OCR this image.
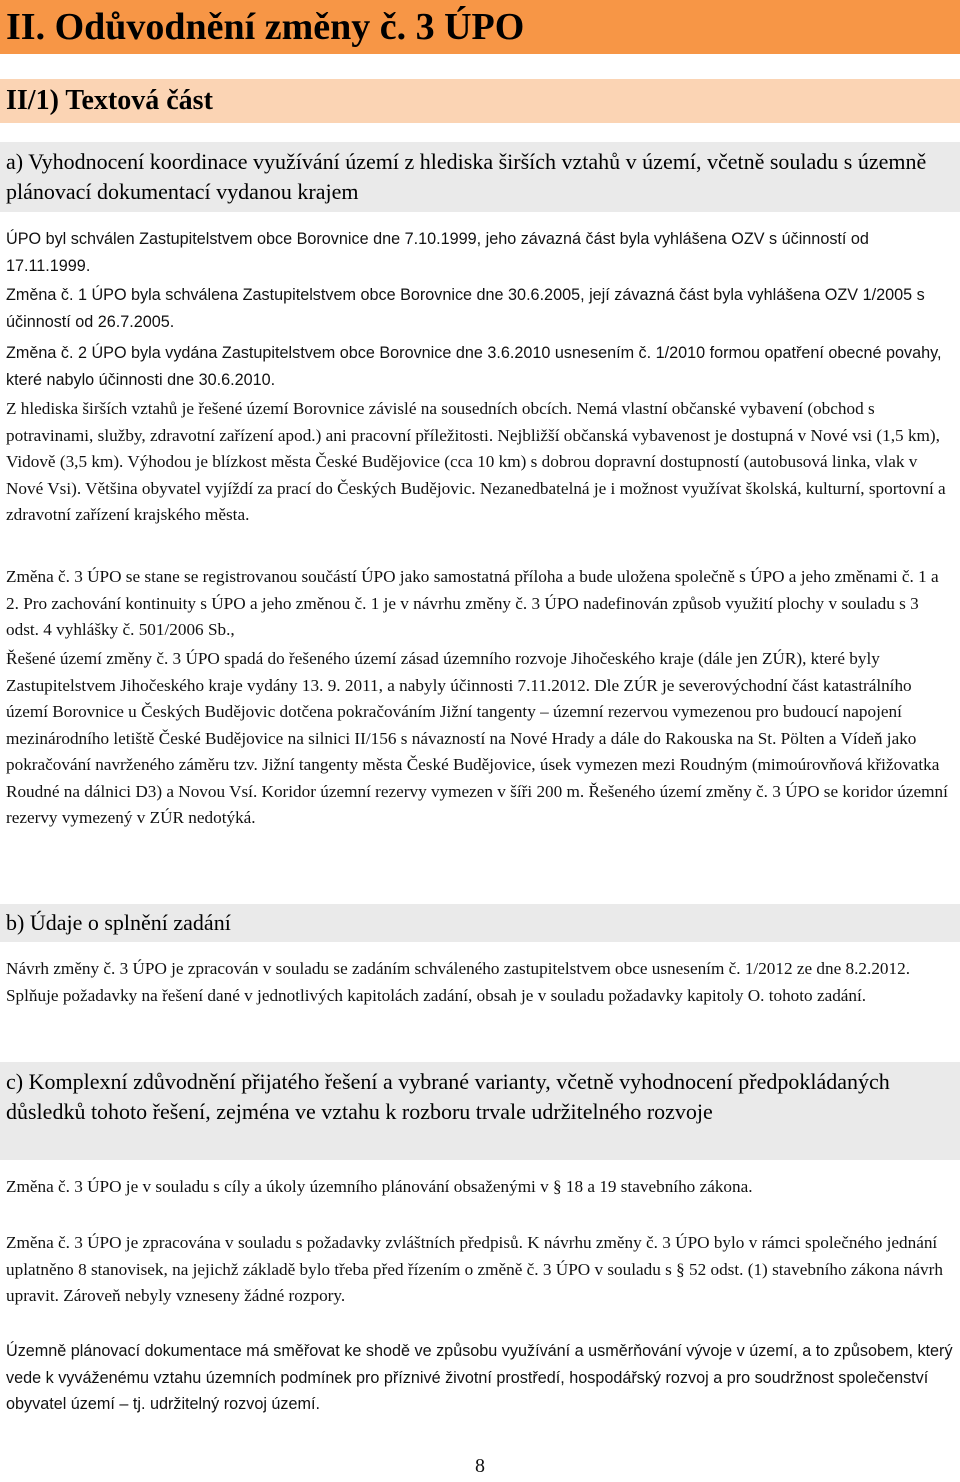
II. Odůvodnění změny č. 3 ÚPO
II/1) Textová část
a) Vyhodnocení koordinace využívání území z hlediska širších vztahů v území, včetně souladu s územně plánovací dokumentací vydanou krajem

ÚPO byl schválen Zastupitelstvem obce Borovnice dne 7.10.1999, jeho závazná část byla vyhlášena OZV s účinností od 17.11.1999.

Změna č. 1 ÚPO byla schválena Zastupitelstvem obce Borovnice dne 30.6.2005, její závazná část byla vyhlášena OZV 1/2005 s účinností od 26.7.2005.

Změna č. 2 ÚPO byla vydána Zastupitelstvem obce Borovnice dne 3.6.2010 usnesením č. 1/2010 formou opatření obecné povahy, které nabylo účinnosti dne 30.6.2010.

Z hlediska širších vztahů je řešené území Borovnice závislé na sousedních obcích. Nemá vlastní občanské vybavení (obchod s potravinami, služby, zdravotní zařízení apod.) ani pracovní příležitosti. Nejbližší občanská vybavenost je dostupná v Nové vsi (1,5 km), Vidově (3,5 km). Výhodou je blízkost města České Budějovice (cca 10 km) s dobrou dopravní dostupností (autobusová linka, vlak v Nové Vsi). Většina obyvatel vyjíždí za prací do Českých Budějovic. Nezanedbatelná je i možnost využívat školská, kulturní, sportovní a zdravotní zařízení krajského města.

Změna č. 3 ÚPO se stane se registrovanou součástí ÚPO jako samostatná příloha a bude uložena společně s ÚPO a jeho změnami č. 1 a 2. Pro zachování kontinuity s ÚPO a jeho změnou č. 1 je v návrhu změny č. 3 ÚPO nadefinován způsob využití plochy v souladu s 3 odst. 4 vyhlášky č. 501/2006 Sb.,

Řešené území změny č. 3 ÚPO spadá do řešeného území zásad územního rozvoje Jihočeského kraje (dále jen ZÚR), které byly Zastupitelstvem Jihočeského kraje vydány 13. 9. 2011, a nabyly účinnosti 7.11.2012. Dle ZÚR je severovýchodní část katastrálního území Borovnice u Českých Budějovic dotčena pokračováním Jižní tangenty – územní rezervou vymezenou pro budoucí napojení mezinárodního letiště České Budějovice na silnici II/156 s návazností na Nové Hrady a dále do Rakouska na St. Pölten a Vídeň jako pokračování navrženého záměru tzv. Jižní tangenty města České Budějovice, úsek vymezen mezi Roudným (mimoúrovňová křižovatka Roudné na dálnici D3) a Novou Vsí. Koridor územní rezervy vymezen v šíři 200 m. Řešeného území změny č. 3 ÚPO se koridor územní rezervy vymezený v ZÚR nedotýká.

b) Údaje o splnění zadání

Návrh změny č. 3 ÚPO je zpracován v souladu se zadáním schváleného zastupitelstvem obce usnesením č. 1/2012 ze dne 8.2.2012. Splňuje požadavky na řešení dané v jednotlivých kapitolách zadání, obsah je v souladu požadavky kapitoly O. tohoto zadání.

c) Komplexní zdůvodnění přijatého řešení a vybrané varianty, včetně vyhodnocení předpokládaných důsledků tohoto řešení, zejména ve vztahu k rozboru trvale udržitelného rozvoje

Změna č. 3 ÚPO je v souladu s cíly a úkoly územního plánování obsaženými v § 18 a 19 stavebního zákona.

Změna č. 3 ÚPO je zpracována v souladu s požadavky zvláštních předpisů. K návrhu změny č. 3 ÚPO bylo v rámci společného jednání uplatněno 8 stanovisek, na jejichž základě bylo třeba před řízením o změně č. 3 ÚPO v souladu s § 52 odst. (1) stavebního zákona návrh upravit. Zároveň nebyly vzneseny žádné rozpory.

Územně plánovací dokumentace má směřovat ke shodě ve způsobu využívání a usměrňování vývoje v území, a to způsobem, který vede k vyváženému vztahu územních podmínek pro příznivé životní prostředí, hospodářský rozvoj a pro soudržnost společenství obyvatel území – tj. udržitelný rozvoj území.

8
